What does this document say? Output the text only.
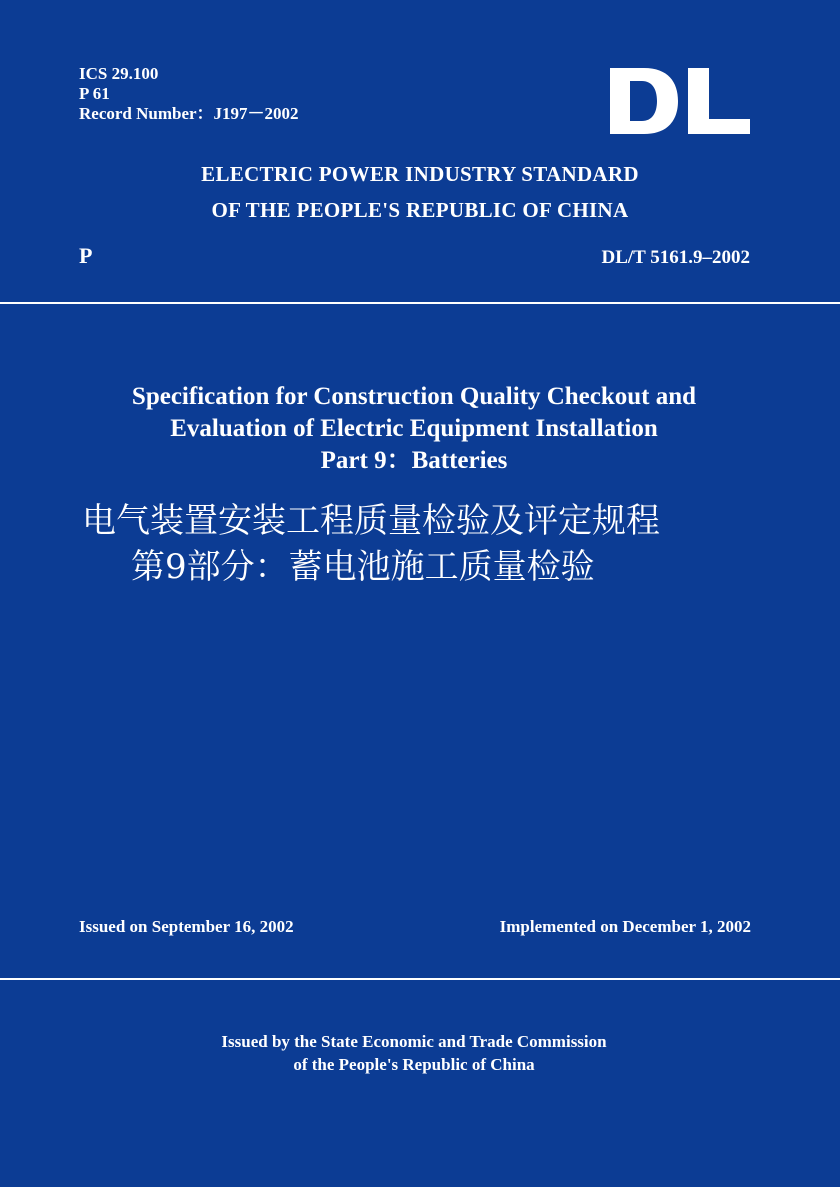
ICS 29.100
P 61
Record Number：J197－2002
ELECTRIC POWER INDUSTRY STANDARD
OF THE PEOPLE'S REPUBLIC OF CHINA
P	DL/T 5161.9–2002
Specification for Construction Quality Checkout and
Evaluation of Electric Equipment Installation
Part 9：Batteries
电气装置安装工程质量检验及评定规程
第9部分：蓄电池施工质量检验
Issued on September 16, 2002	Implemented on December 1, 2002
Issued by the State Economic and Trade Commission
of the People's Republic of China
